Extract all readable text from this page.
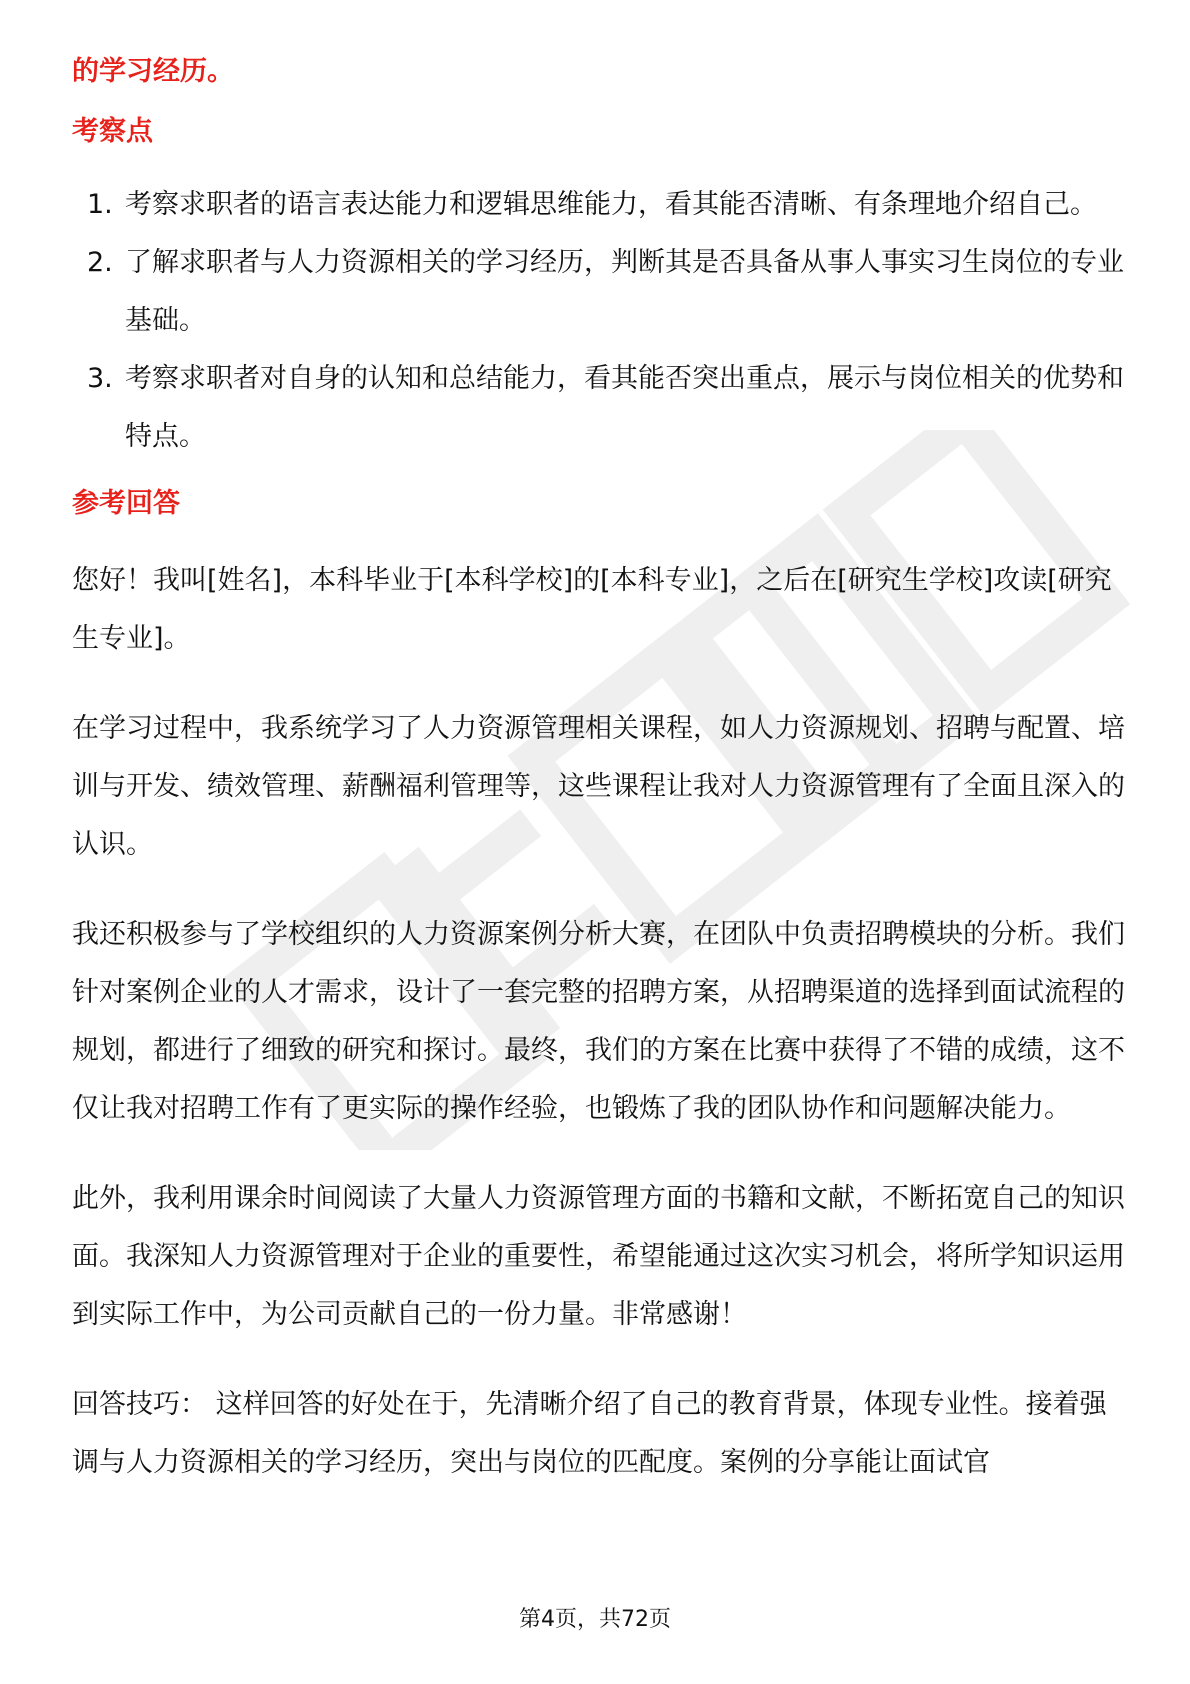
的学习经历。

考察点
1. 考察求职者的语言表达能力和逻辑思维能力，看其能否清晰、有条理地介绍自己。
2. 了解求职者与人力资源相关的学习经历，判断其是否具备从事人事实习生岗位的专业基础。
3. 考察求职者对自身的认知和总结能力，看其能否突出重点，展示与岗位相关的优势和特点。
参考回答

您好！我叫[姓名]，本科毕业于[本科学校]的[本科专业]，之后在[研究生学校]攻读[研究生专业]。

在学习过程中，我系统学习了人力资源管理相关课程，如人力资源规划、招聘与配置、培训与开发、绩效管理、薪酬福利管理等，这些课程让我对人力资源管理有了全面且深入的认识。

我还积极参与了学校组织的人力资源案例分析大赛，在团队中负责招聘模块的分析。我们针对案例企业的人才需求，设计了一套完整的招聘方案，从招聘渠道的选择到面试流程的规划，都进行了细致的研究和探讨。最终，我们的方案在比赛中获得了不错的成绩，这不仅让我对招聘工作有了更实际的操作经验，也锻炼了我的团队协作和问题解决能力。

此外，我利用课余时间阅读了大量人力资源管理方面的书籍和文献，不断拓宽自己的知识面。我深知人力资源管理对于企业的重要性，希望能通过这次实习机会，将所学知识运用到实际工作中，为公司贡献自己的一份力量。非常感谢！

回答技巧： 这样回答的好处在于，先清晰介绍了自己的教育背景，体现专业性。接着强调与人力资源相关的学习经历，突出与岗位的匹配度。案例的分享能让面试官

第4页，共72页
